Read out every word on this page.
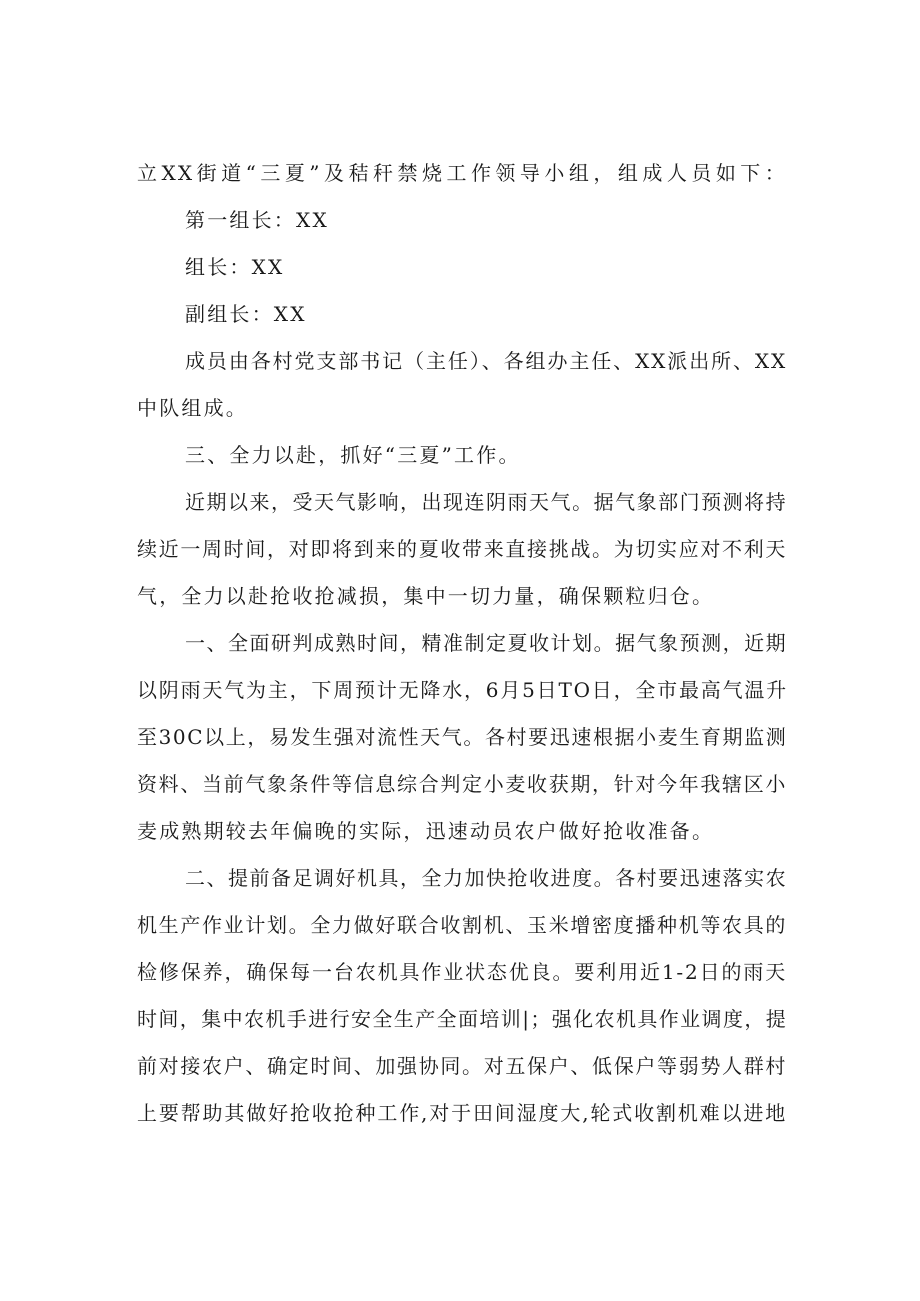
立XX街道“三夏”及秸秆禁烧工作领导小组，组成人员如下：

第一组长：XX

组长：XX

副组长：XX

成员由各村党支部书记（主任）、各组办主任、XX派出所、XX

中队组成。

三、全力以赴，抓好“三夏”工作。

近期以来，受天气影响，出现连阴雨天气。据气象部门预测将持

续近一周时间，对即将到来的夏收带来直接挑战。为切实应对不利天

气，全力以赴抢收抢减损，集中一切力量，确保颗粒归仓。

一、全面研判成熟时间，精准制定夏收计划。据气象预测，近期

以阴雨天气为主，下周预计无降水，6月5日TO日，全市最高气温升

至30C以上，易发生强对流性天气。各村要迅速根据小麦生育期监测

资料、当前气象条件等信息综合判定小麦收获期，针对今年我辖区小

麦成熟期较去年偏晚的实际，迅速动员农户做好抢收准备。

二、提前备足调好机具，全力加快抢收进度。各村要迅速落实农

机生产作业计划。全力做好联合收割机、玉米增密度播种机等农具的

检修保养，确保每一台农机具作业状态优良。要利用近1-2日的雨天

时间，集中农机手进行安全生产全面培训|；强化农机具作业调度，提

前对接农户、确定时间、加强协同。对五保户、低保户等弱势人群村

上要帮助其做好抢收抢种工作,对于田间湿度大,轮式收割机难以进地
